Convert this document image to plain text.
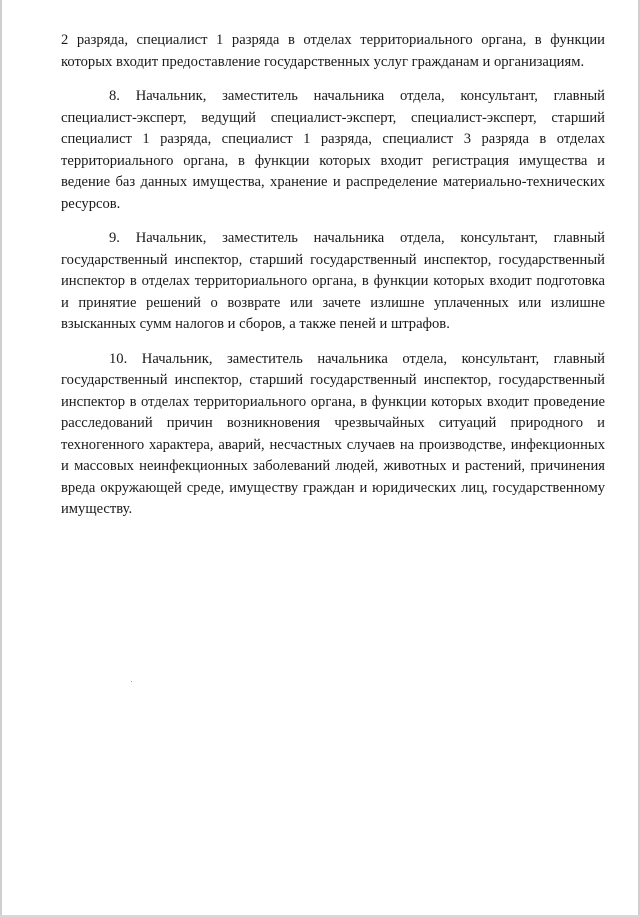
2 разряда, специалист 1 разряда в отделах территориального органа, в функции которых входит предоставление государственных услуг гражданам и организациям.

8. Начальник, заместитель начальника отдела, консультант, главный специалист-эксперт, ведущий специалист-эксперт, специалист-эксперт, старший специалист 1 разряда, специалист 1 разряда, специалист 3 разряда в отделах территориального органа, в функции которых входит регистрация имущества и ведение баз данных имущества, хранение и распределение материально-технических ресурсов.

9. Начальник, заместитель начальника отдела, консультант, главный государственный инспектор, старший государственный инспектор, государственный инспектор в отделах территориального органа, в функции которых входит подготовка и принятие решений о возврате или зачете излишне уплаченных или излишне взысканных сумм налогов и сборов, а также пеней и штрафов.

10. Начальник, заместитель начальника отдела, консультант, главный государственный инспектор, старший государственный инспектор, государственный инспектор в отделах территориального органа, в функции которых входит проведение расследований причин возникновения чрезвычайных ситуаций природного и техногенного характера, аварий, несчастных случаев на производстве, инфекционных и массовых неинфекционных заболеваний людей, животных и растений, причинения вреда окружающей среде, имуществу граждан и юридических лиц, государственному имуществу.
